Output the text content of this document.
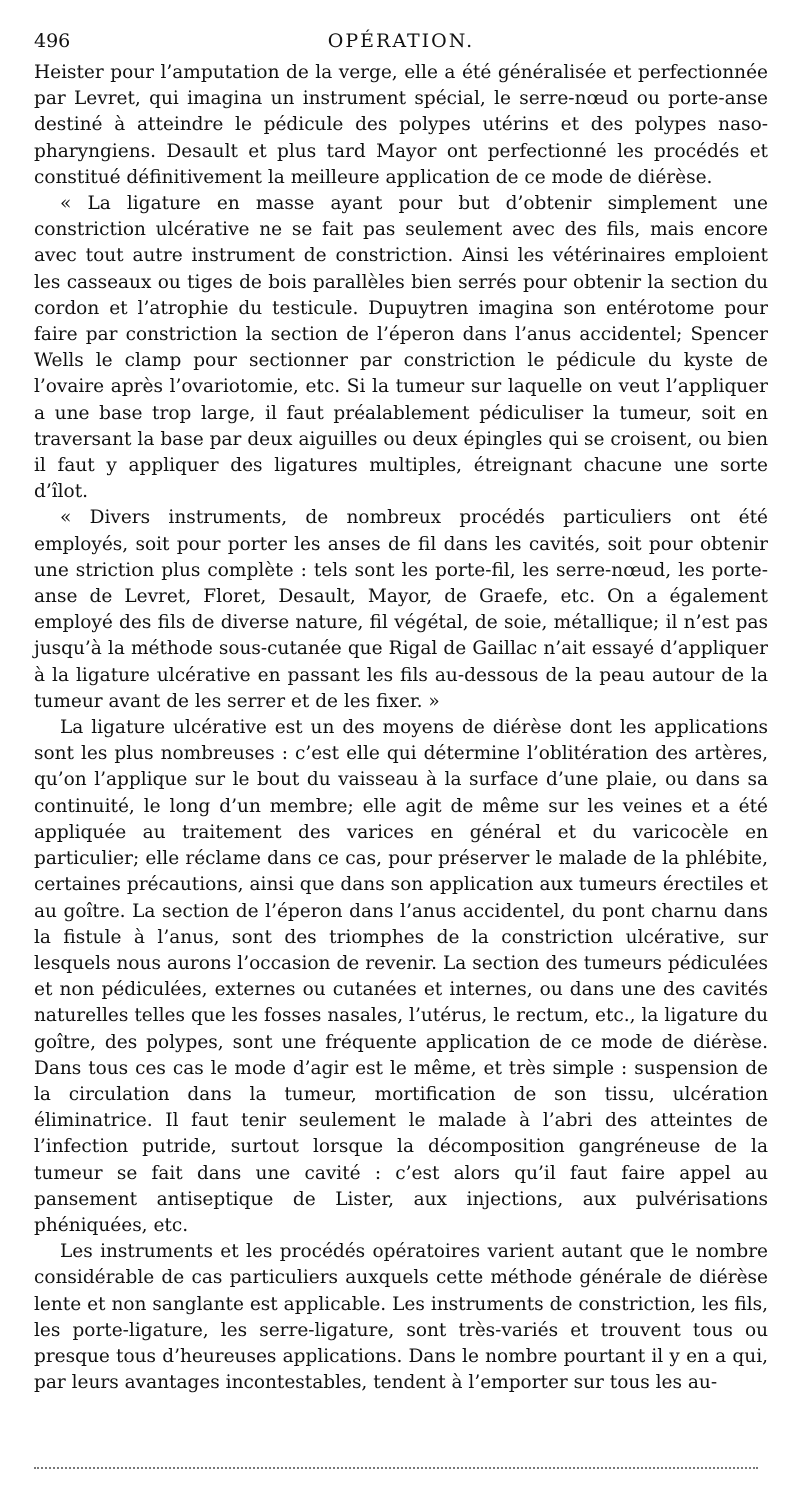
496	OPÉRATION.

Heister pour l’amputation de la verge, elle a été généralisée et perfectionnée par Levret, qui imagina un instrument spécial, le serre-nœud ou porte-anse destiné à atteindre le pédicule des polypes utérins et des polypes naso-pharyngiens. Desault et plus tard Mayor ont perfectionné les procédés et constitué définitivement la meilleure application de ce mode de diérèse.

« La ligature en masse ayant pour but d’obtenir simplement une constriction ulcérative ne se fait pas seulement avec des fils, mais encore avec tout autre instrument de constriction. Ainsi les vétérinaires emploient les casseaux ou tiges de bois parallèles bien serrés pour obtenir la section du cordon et l’atrophie du testicule. Dupuytren imagina son entérotome pour faire par constriction la section de l’éperon dans l’anus accidentel; Spencer Wells le clamp pour sectionner par constriction le pédicule du kyste de l’ovaire après l’ovariotomie, etc. Si la tumeur sur laquelle on veut l’appliquer a une base trop large, il faut préalablement pédiculiser la tumeur, soit en traversant la base par deux aiguilles ou deux épingles qui se croisent, ou bien il faut y appliquer des ligatures multiples, étreignant chacune une sorte d’îlot.

« Divers instruments, de nombreux procédés particuliers ont été employés, soit pour porter les anses de fil dans les cavités, soit pour obtenir une striction plus complète : tels sont les porte-fil, les serre-nœud, les porte-anse de Levret, Floret, Desault, Mayor, de Graefe, etc. On a également employé des fils de diverse nature, fil végétal, de soie, métallique; il n’est pas jusqu’à la méthode sous-cutanée que Rigal de Gaillac n’ait essayé d’appliquer à la ligature ulcérative en passant les fils au-dessous de la peau autour de la tumeur avant de les serrer et de les fixer. »

La ligature ulcérative est un des moyens de diérèse dont les applications sont les plus nombreuses : c’est elle qui détermine l’oblitération des artères, qu’on l’applique sur le bout du vaisseau à la surface d’une plaie, ou dans sa continuité, le long d’un membre; elle agit de même sur les veines et a été appliquée au traitement des varices en général et du varicocèle en particulier; elle réclame dans ce cas, pour préserver le malade de la phlébite, certaines précautions, ainsi que dans son application aux tumeurs érectiles et au goître. La section de l’éperon dans l’anus accidentel, du pont charnu dans la fistule à l’anus, sont des triomphes de la constriction ulcérative, sur lesquels nous aurons l’occasion de revenir. La section des tumeurs pédiculées et non pédiculées, externes ou cutanées et internes, ou dans une des cavités naturelles telles que les fosses nasales, l’utérus, le rectum, etc., la ligature du goître, des polypes, sont une fréquente application de ce mode de diérèse. Dans tous ces cas le mode d’agir est le même, et très simple : suspension de la circulation dans la tumeur, mortification de son tissu, ulcération éliminatrice. Il faut tenir seulement le malade à l’abri des atteintes de l’infection putride, surtout lorsque la décomposition gangréneuse de la tumeur se fait dans une cavité : c’est alors qu’il faut faire appel au pansement antiseptique de Lister, aux injections, aux pulvérisations phéniquées, etc.

Les instruments et les procédés opératoires varient autant que le nombre considérable de cas particuliers auxquels cette méthode générale de diérèse lente et non sanglante est applicable. Les instruments de constriction, les fils, les porte-ligature, les serre-ligature, sont très-variés et trouvent tous ou presque tous d’heureuses applications. Dans le nombre pourtant il y en a qui, par leurs avantages incontestables, tendent à l’emporter sur tous les au-
